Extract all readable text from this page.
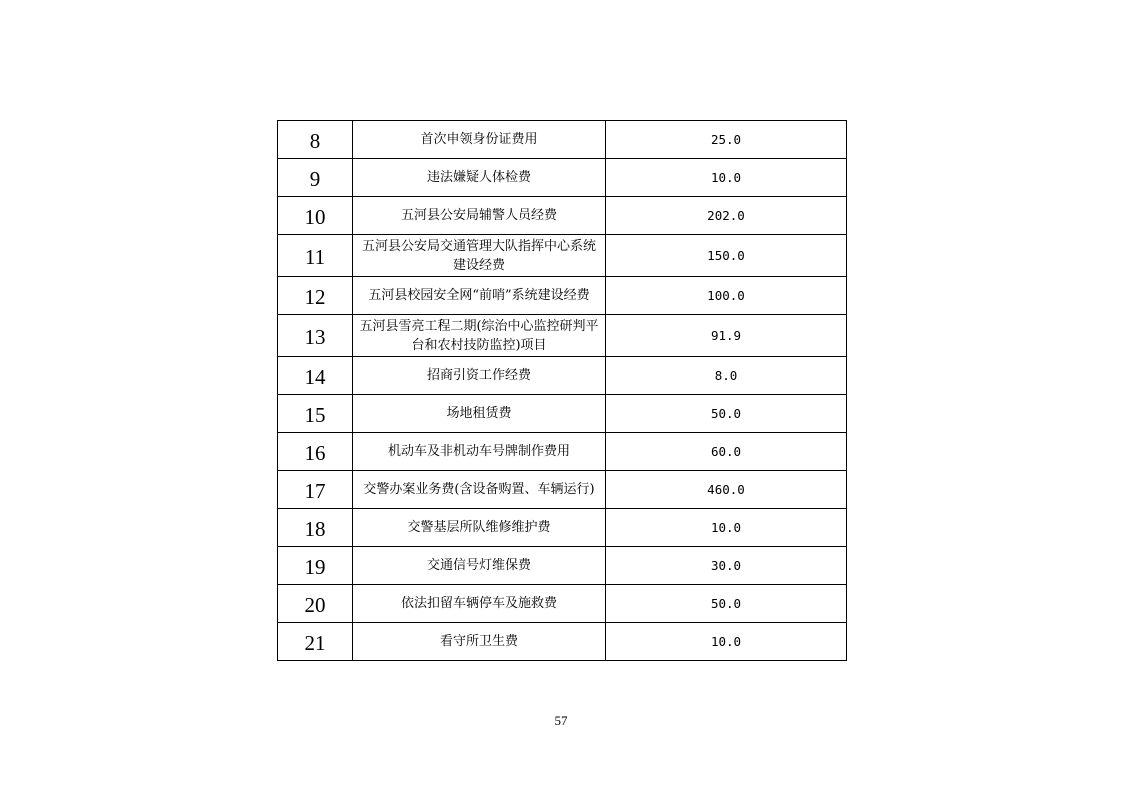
8	首次申领身份证费用	25.0
9	违法嫌疑人体检费	10.0
10	五河县公安局辅警人员经费	202.0
11	五河县公安局交通管理大队指挥中心系统建设经费	150.0
12	五河县校园安全网“前哨”系统建设经费	100.0
13	五河县雪亮工程二期(综治中心监控研判平台和农村技防监控)项目	91.9
14	招商引资工作经费	8.0
15	场地租赁费	50.0
16	机动车及非机动车号牌制作费用	60.0
17	交警办案业务费(含设备购置、车辆运行)	460.0
18	交警基层所队维修维护费	10.0
19	交通信号灯维保费	30.0
20	依法扣留车辆停车及施救费	50.0
21	看守所卫生费	10.0
57
